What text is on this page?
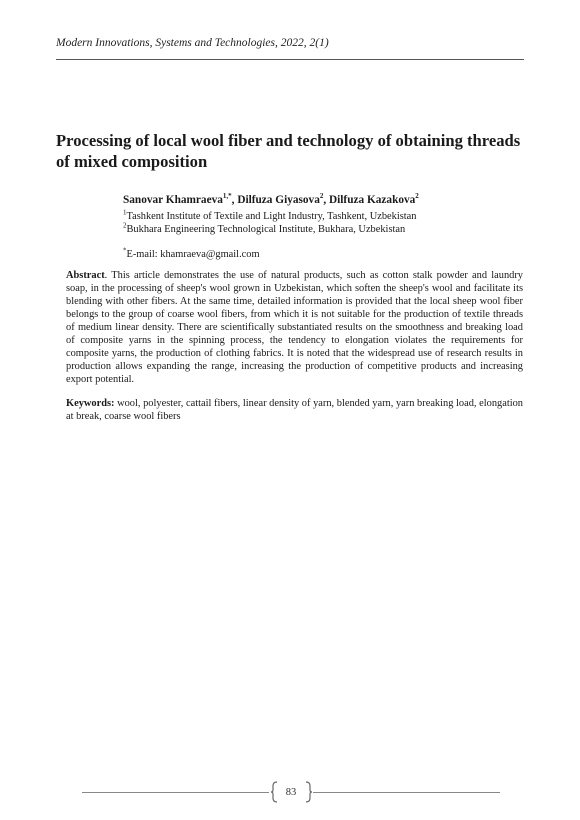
Modern Innovations, Systems and Technologies, 2022, 2(1)
Processing of local wool fiber and technology of obtaining threads of mixed composition
Sanovar Khamraeva$^{1,*}$, Dilfuza Giyasova$^2$, Dilfuza Kazakova$^2$
$^1$Tashkent Institute of Textile and Light Industry, Tashkent, Uzbekistan
$^2$Bukhara Engineering Technological Institute, Bukhara, Uzbekistan
*E-mail: khamraeva@gmail.com

Abstract. This article demonstrates the use of natural products, such as cotton stalk powder and laundry soap, in the processing of sheep's wool grown in Uzbekistan, which soften the sheep's wool and facilitate its blending with other fibers. At the same time, detailed information is provided that the local sheep wool fiber belongs to the group of coarse wool fibers, from which it is not suitable for the production of textile threads of medium linear density. There are scientifically substantiated results on the smoothness and breaking load of composite yarns in the spinning process, the tendency to elongation violates the requirements for composite yarns, the production of clothing fabrics. It is noted that the widespread use of research results in production allows expanding the range, increasing the production of competitive products and increasing export potential.

Keywords: wool, polyester, cattail fibers, linear density of yarn, blended yarn, yarn breaking load, elongation at break, coarse wool fibers

83
